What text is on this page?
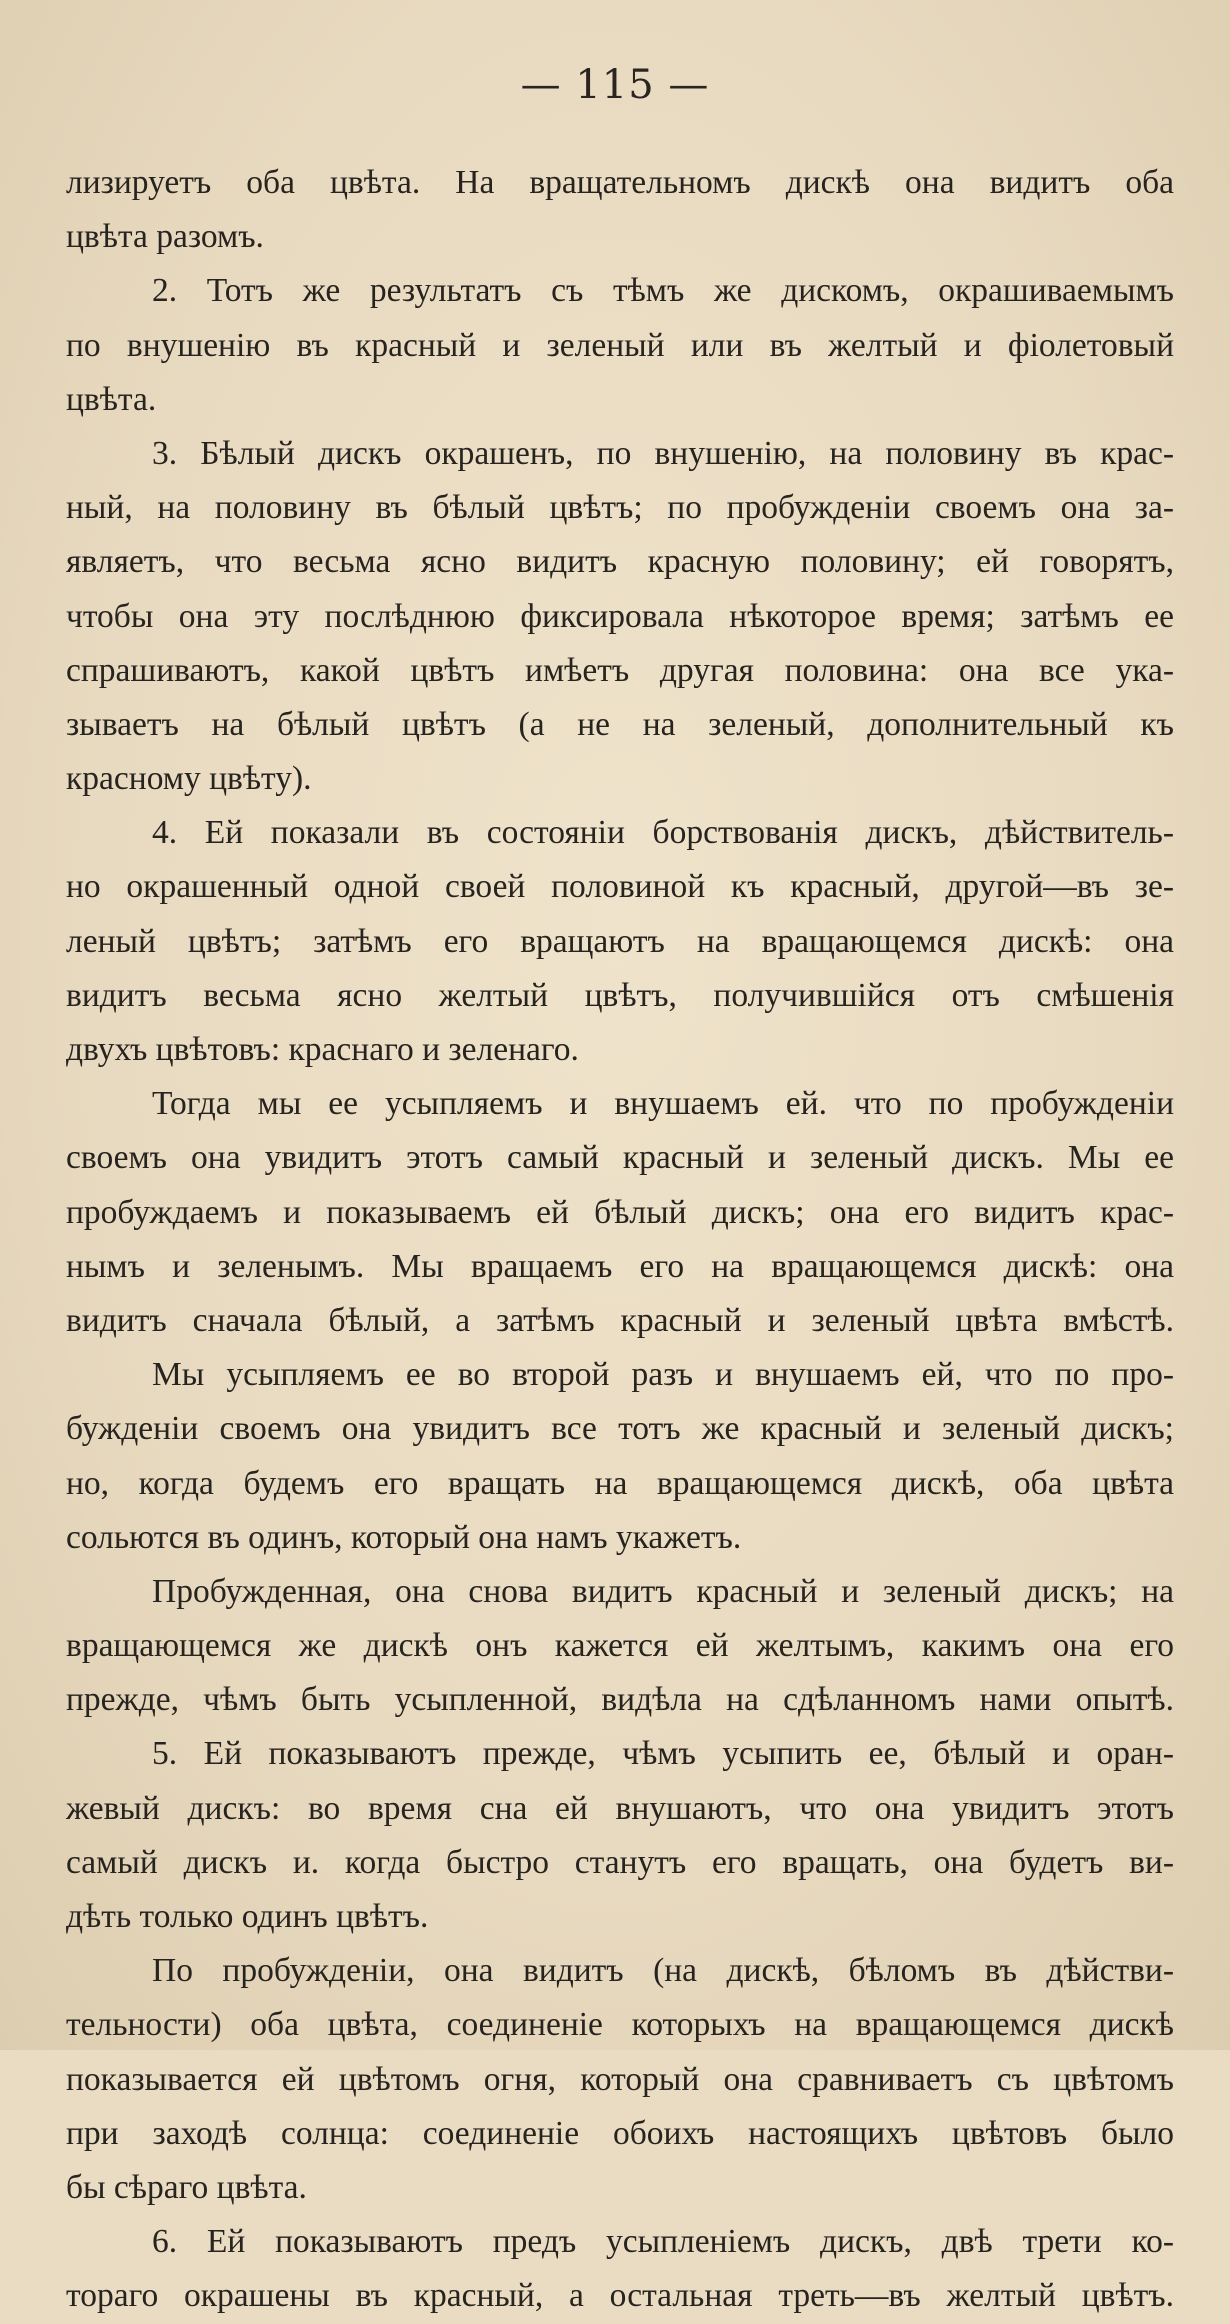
— 115 —
лизируетъ оба цвѣта. На вращательномъ дискѣ она видитъ оба
цвѣта разомъ.
2. Тотъ же результатъ съ тѣмъ же дискомъ, окрашиваемымъ
по внушенію въ красный и зеленый или въ желтый и фіолетовый
цвѣта.
3. Бѣлый дискъ окрашенъ, по внушенію, на половину въ крас-
ный, на половину въ бѣлый цвѣтъ; по пробужденіи своемъ она за-
являетъ, что весьма ясно видитъ красную половину; ей говорятъ,
чтобы она эту послѣднюю фиксировала нѣкоторое время; затѣмъ ее
спрашиваютъ, какой цвѣтъ имѣетъ другая половина: она все ука-
зываетъ на бѣлый цвѣтъ (а не на зеленый, дополнительный къ
красному цвѣту).
4. Ей показали въ состояніи борствованія дискъ, дѣйствитель-
но окрашенный одной своей половиной къ красный, другой—въ зе-
леный цвѣтъ; затѣмъ его вращаютъ на вращающемся дискѣ: она
видитъ весьма ясно желтый цвѣтъ, получившійся отъ смѣшенія
двухъ цвѣтовъ: краснаго и зеленаго.
Тогда мы ее усыпляемъ и внушаемъ ей. что по пробужденіи
своемъ она увидитъ этотъ самый красный и зеленый дискъ. Мы ее
пробуждаемъ и показываемъ ей бѣлый дискъ; она его видитъ крас-
нымъ и зеленымъ. Мы вращаемъ его на вращающемся дискѣ: она
видитъ сначала бѣлый, а затѣмъ красный и зеленый цвѣта вмѣстѣ.
Мы усыпляемъ ее во второй разъ и внушаемъ ей, что по про-
бужденіи своемъ она увидитъ все тотъ же красный и зеленый дискъ;
но, когда будемъ его вращать на вращающемся дискѣ, оба цвѣта
сольются въ одинъ, который она намъ укажетъ.
Пробужденная, она снова видитъ красный и зеленый дискъ; на
вращающемся же дискѣ онъ кажется ей желтымъ, какимъ она его
прежде, чѣмъ быть усыпленной, видѣла на сдѣланномъ нами опытѣ.
5. Ей показываютъ прежде, чѣмъ усыпить ее, бѣлый и оран-
жевый дискъ: во время сна ей внушаютъ, что она увидитъ этотъ
самый дискъ и. когда быстро станутъ его вращать, она будетъ ви-
дѣть только одинъ цвѣтъ.
По пробужденіи, она видитъ (на дискѣ, бѣломъ въ дѣйстви-
тельности) оба цвѣта, соединеніе которыхъ на вращающемся дискѣ
показывается ей цвѣтомъ огня, который она сравниваетъ съ цвѣтомъ
при заходѣ солнца: соединеніе обоихъ настоящихъ цвѣтовъ было
бы сѣраго цвѣта.
6. Ей показываютъ предъ усыпленіемъ дискъ, двѣ трети ко-
тораго окрашены въ красный, а остальная треть—въ желтый цвѣтъ.
